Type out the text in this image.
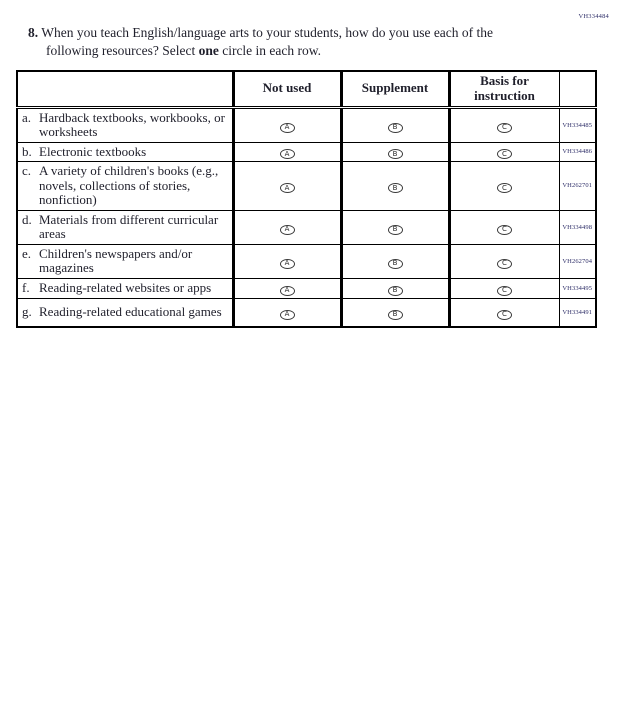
VH334484

8. When you teach English/language arts to your students, how do you use each of the
following resources? Select one circle in each row.

	Not used	Supplement	Basis for instruction	

a. Hardback textbooks, workbooks, or worksheets	A	B	C	VH334485

b. Electronic textbooks	A	B	C	VH334486

c. A variety of children's books (e.g., novels, collections of stories, nonfiction)	A	B	C	VH262701

d. Materials from different curricular areas	A	B	C	VH334498

e. Children's newspapers and/or magazines	A	B	C	VH262704

f. Reading-related websites or apps	A	B	C	VH334495

g. Reading-related educational games	A	B	C	VH334491
